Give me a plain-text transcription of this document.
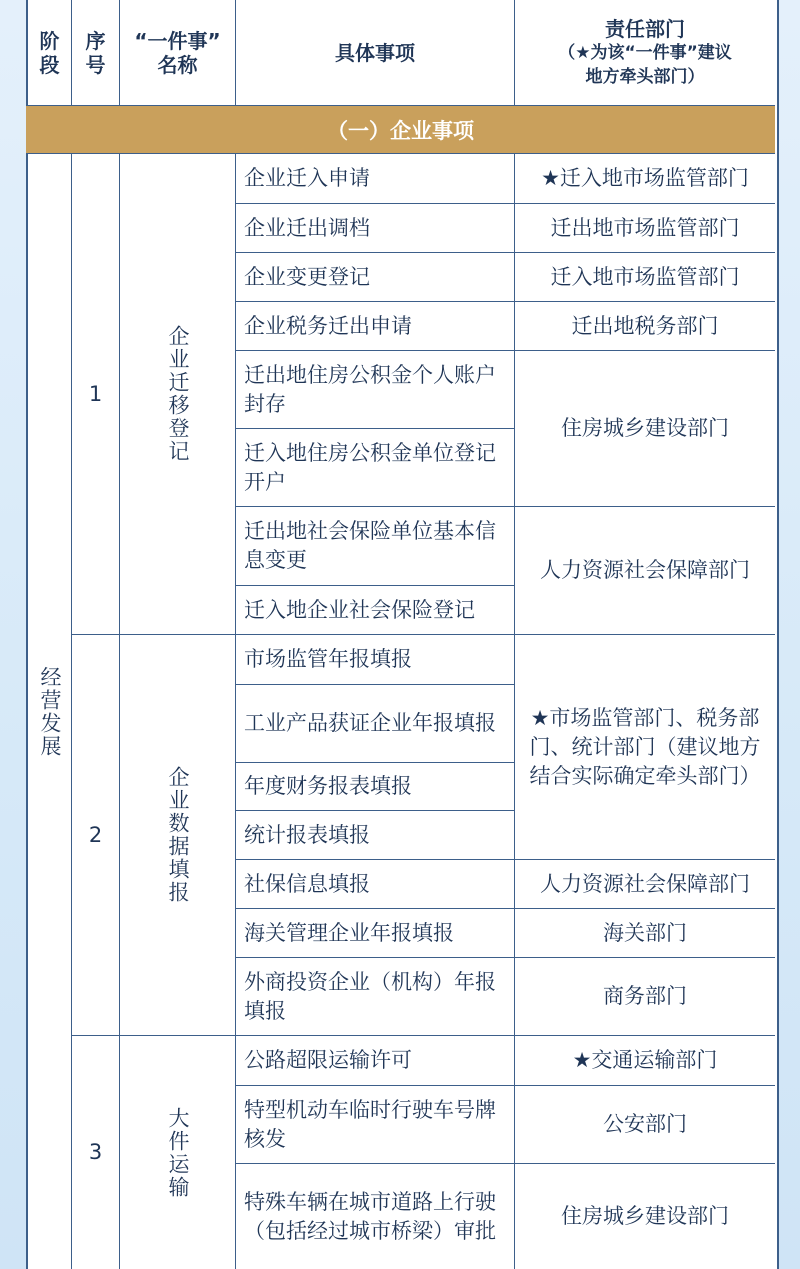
阶
段
序
号
“一件事”
名称	具体事项
责任部门
（★为该“一件事”建议
地方牵头部门）
（一）企业事项
经营发展
1
2
3
企业迁移登记
企业数据填报
大件运输
企业迁入申请
企业迁出调档
企业变更登记
企业税务迁出申请
迁出地住房公积金个人账户封存
迁入地住房公积金单位登记开户
迁出地社会保险单位基本信息变更
迁入地企业社会保险登记
市场监管年报填报
工业产品获证企业年报填报
年度财务报表填报
统计报表填报
社保信息填报
海关管理企业年报填报
外商投资企业（机构）年报填报
公路超限运输许可
特型机动车临时行驶车号牌核发
特殊车辆在城市道路上行驶（包括经过城市桥梁）审批
★迁入地市场监管部门
迁出地市场监管部门
迁入地市场监管部门
迁出地税务部门
住房城乡建设部门
人力资源社会保障部门
★市场监管部门、税务部门、统计部门（建议地方结合实际确定牵头部门）
人力资源社会保障部门
海关部门
商务部门
★交通运输部门
公安部门
住房城乡建设部门
